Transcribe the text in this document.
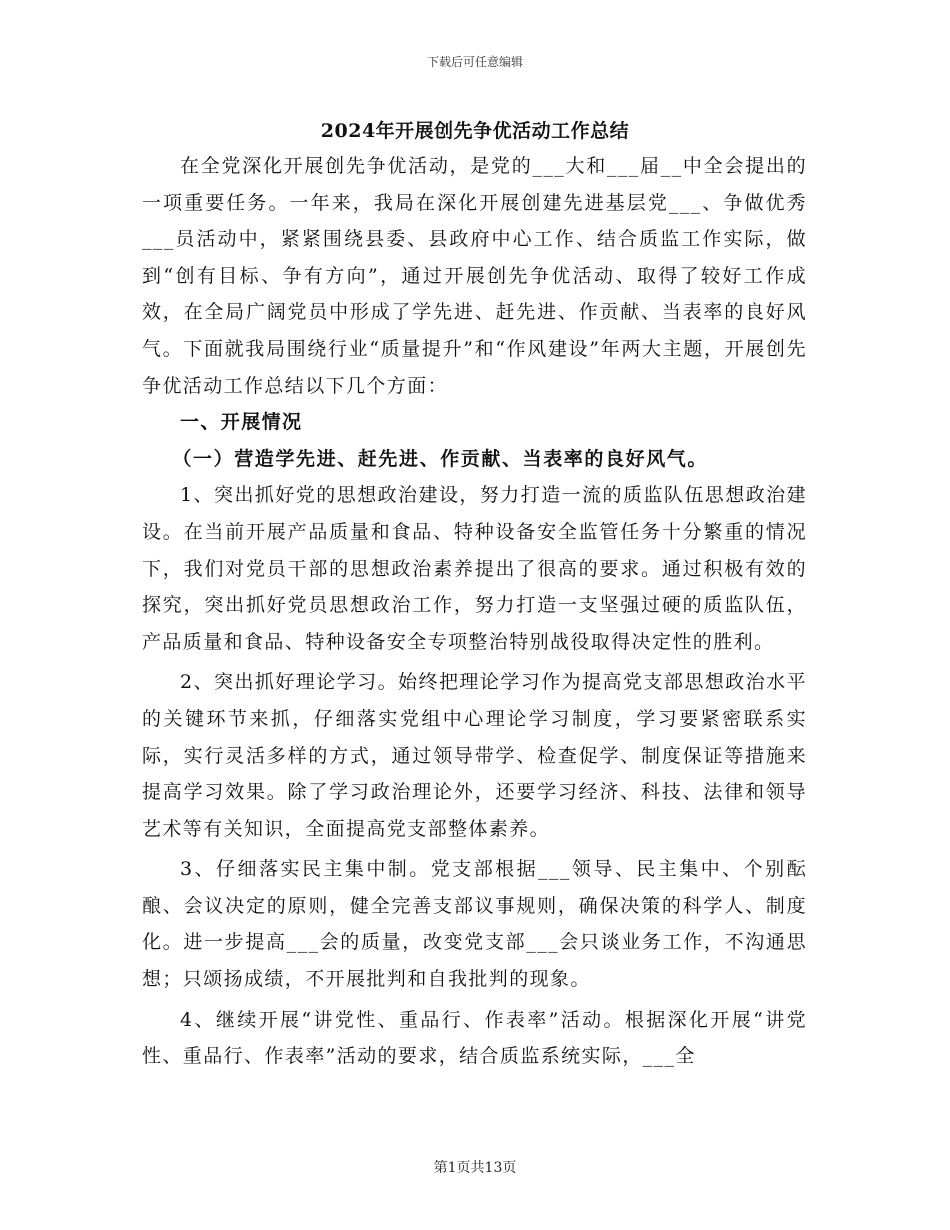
下载后可任意编辑
2024年开展创先争优活动工作总结

在全党深化开展创先争优活动，是党的___大和___届__中全会提出的一项重要任务。一年来，我局在深化开展创建先进基层党___、争做优秀___员活动中，紧紧围绕县委、县政府中心工作、结合质监工作实际，做到“创有目标、争有方向”，通过开展创先争优活动、取得了较好工作成效，在全局广阔党员中形成了学先进、赶先进、作贡献、当表率的良好风气。下面就我局围绕行业“质量提升”和“作风建设”年两大主题，开展创先争优活动工作总结以下几个方面：

一、开展情况

（一）营造学先进、赶先进、作贡献、当表率的良好风气。

1、突出抓好党的思想政治建设，努力打造一流的质监队伍思想政治建设。在当前开展产品质量和食品、特种设备安全监管任务十分繁重的情况下，我们对党员干部的思想政治素养提出了很高的要求。通过积极有效的探究，突出抓好党员思想政治工作，努力打造一支坚强过硬的质监队伍，产品质量和食品、特种设备安全专项整治特别战役取得决定性的胜利。

2、突出抓好理论学习。始终把理论学习作为提高党支部思想政治水平的关键环节来抓，仔细落实党组中心理论学习制度，学习要紧密联系实际，实行灵活多样的方式，通过领导带学、检查促学、制度保证等措施来提高学习效果。除了学习政治理论外，还要学习经济、科技、法律和领导艺术等有关知识，全面提高党支部整体素养。

3、仔细落实民主集中制。党支部根据___领导、民主集中、个别酝酿、会议决定的原则，健全完善支部议事规则，确保决策的科学人、制度化。进一步提高___会的质量，改变党支部___会只谈业务工作，不沟通思想；只颂扬成绩，不开展批判和自我批判的现象。

4、继续开展“讲党性、重品行、作表率”活动。根据深化开展“讲党性、重品行、作表率”活动的要求，结合质监系统实际，___全

第1页共13页
